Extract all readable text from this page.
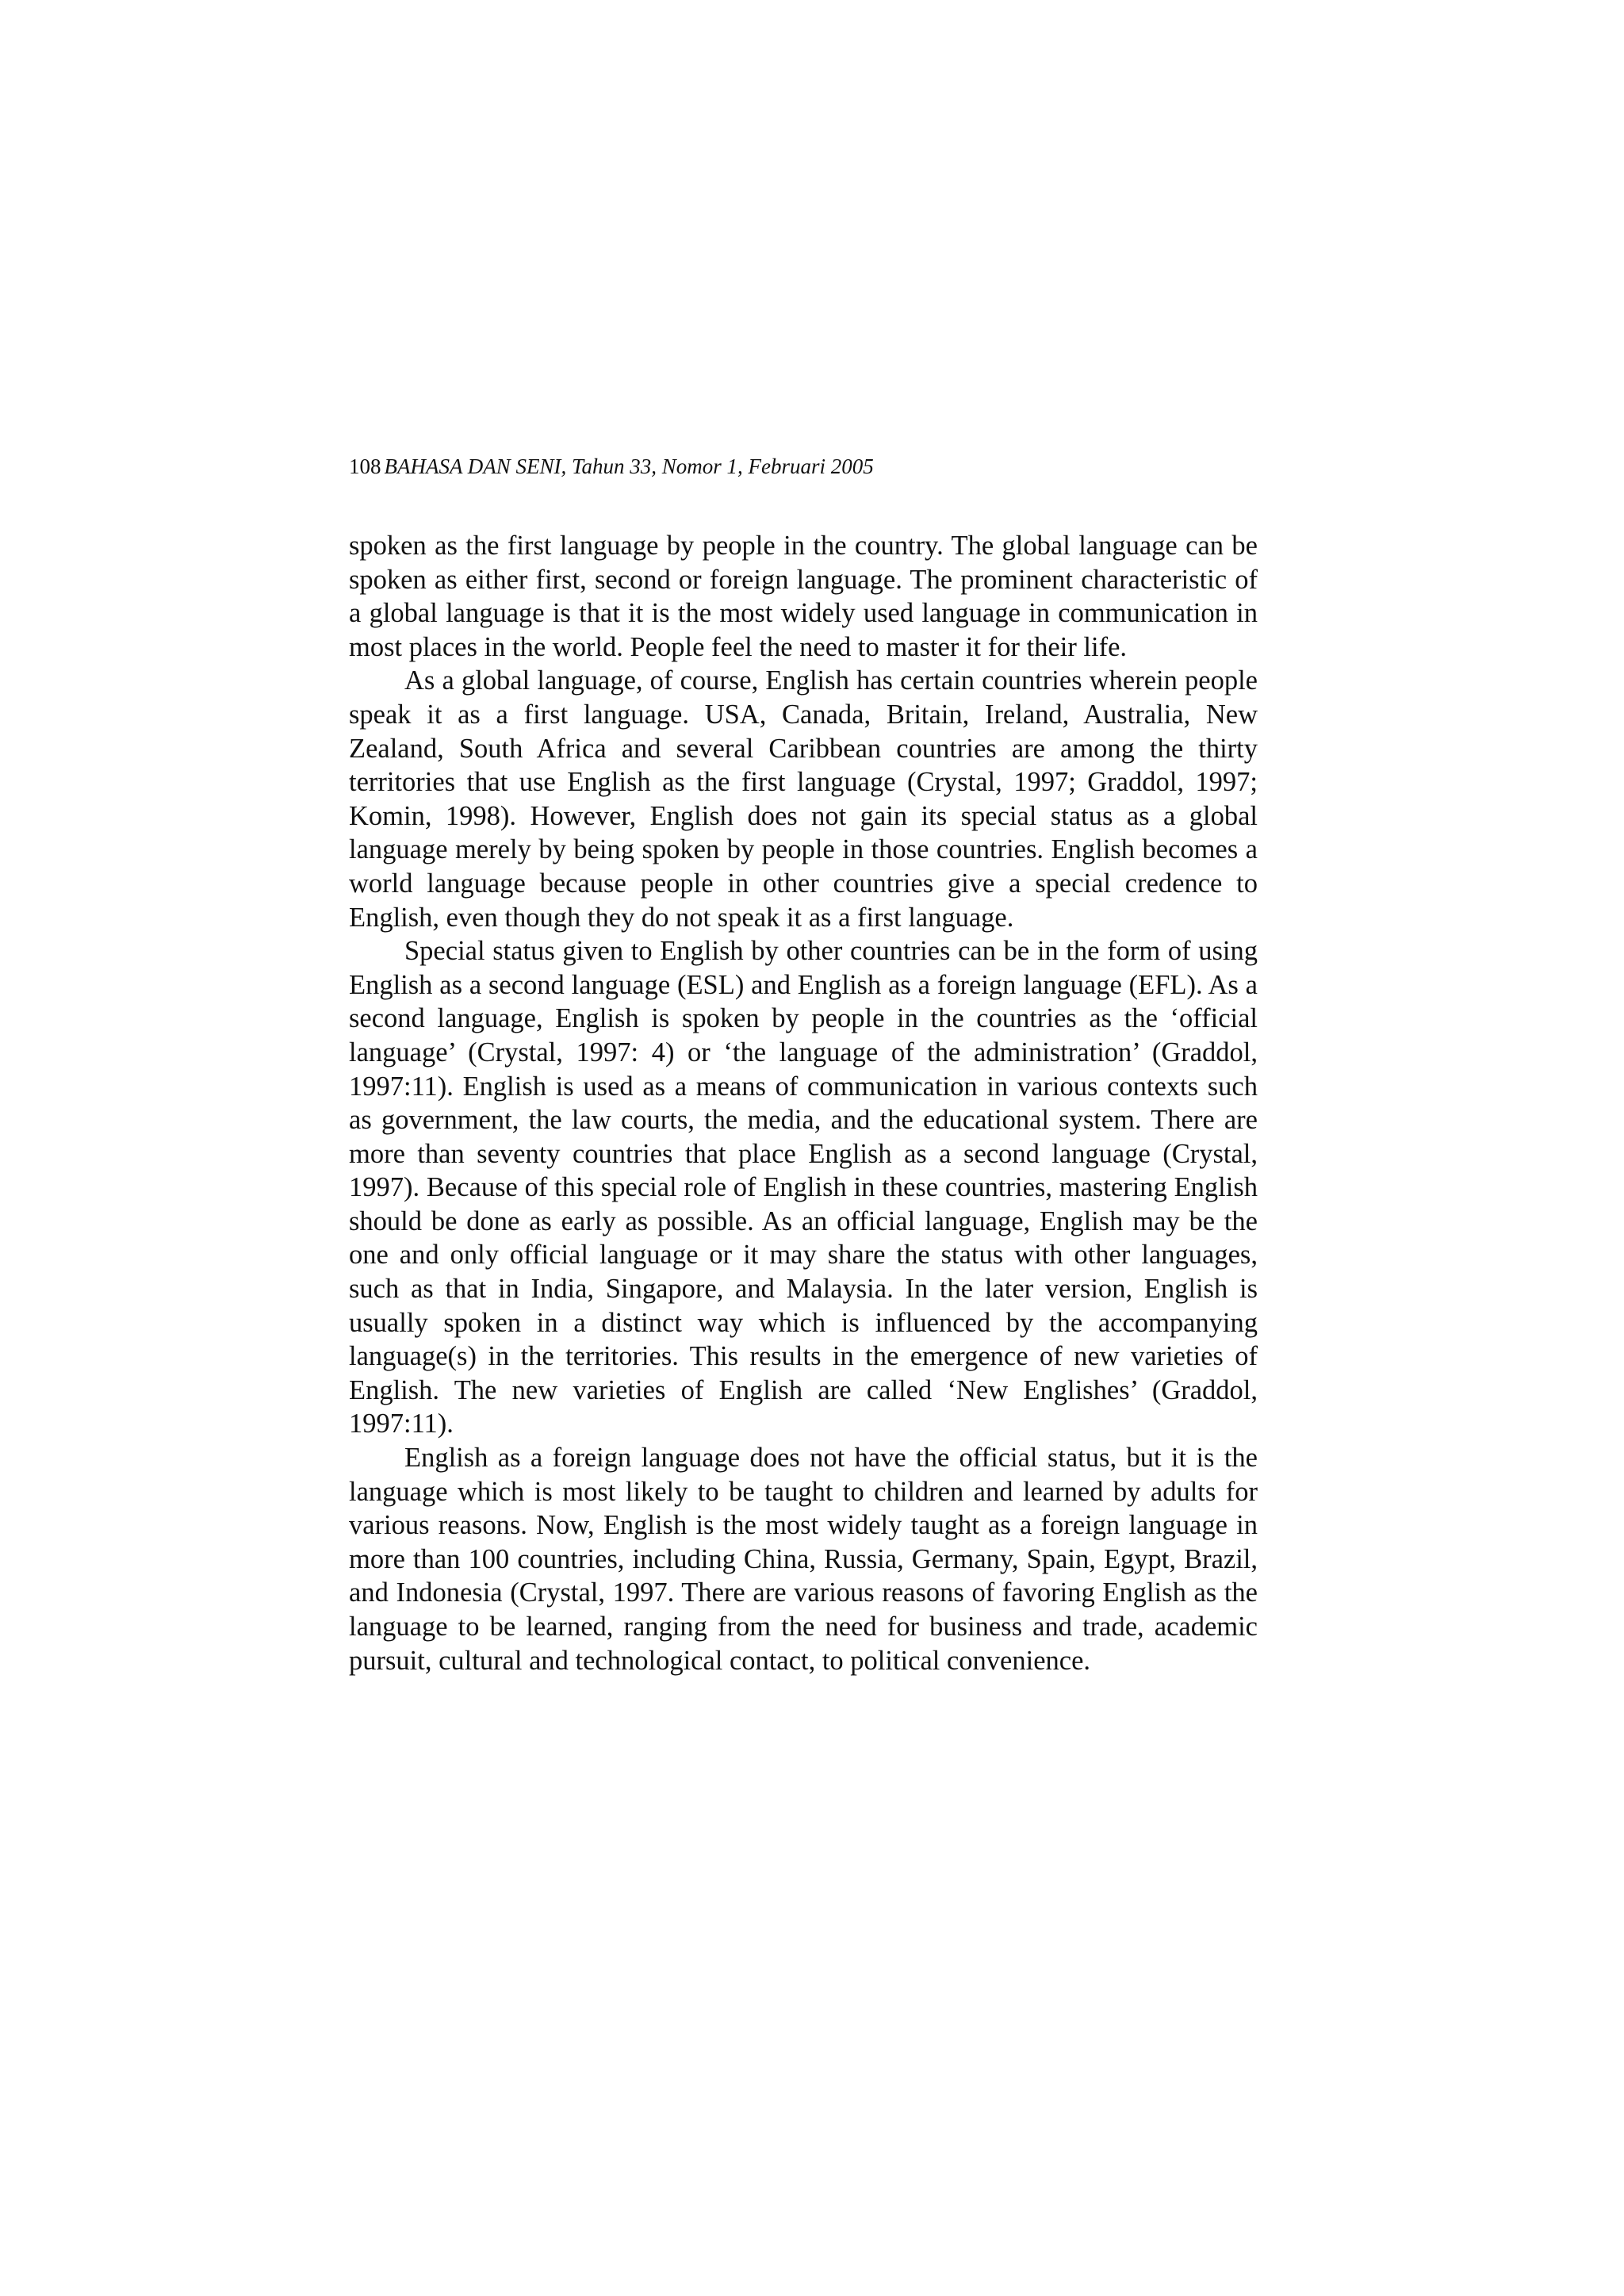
108 BAHASA DAN SENI, Tahun 33, Nomor 1, Februari 2005

spoken as the first language by people in the country. The global language can be spoken as either first, second or foreign language. The prominent characteristic of a global language is that it is the most widely used language in communication in most places in the world. People feel the need to master it for their life.

As a global language, of course, English has certain countries wherein people speak it as a first language. USA, Canada, Britain, Ireland, Australia, New Zealand, South Africa and several Caribbean countries are among the thirty territories that use English as the first language (Crystal, 1997; Graddol, 1997; Komin, 1998). However, English does not gain its special status as a global language merely by being spoken by people in those countries. English becomes a world language because people in other countries give a special credence to English, even though they do not speak it as a first language.

Special status given to English by other countries can be in the form of using English as a second language (ESL) and English as a foreign language (EFL). As a second language, English is spoken by people in the countries as the ‘official language’ (Crystal, 1997: 4) or ‘the language of the administration’ (Graddol, 1997:11). English is used as a means of communication in various contexts such as government, the law courts, the media, and the educational system. There are more than seventy countries that place English as a second language (Crystal, 1997). Because of this special role of English in these countries, mastering English should be done as early as possible. As an official language, English may be the one and only official language or it may share the status with other languages, such as that in India, Singapore, and Malaysia. In the later version, English is usually spoken in a distinct way which is influenced by the accompanying language(s) in the territories. This results in the emergence of new varieties of English. The new varieties of English are called ‘New Englishes’ (Graddol, 1997:11).

English as a foreign language does not have the official status, but it is the language which is most likely to be taught to children and learned by adults for various reasons. Now, English is the most widely taught as a foreign language in more than 100 countries, including China, Russia, Germany, Spain, Egypt, Brazil, and Indonesia (Crystal, 1997. There are various reasons of favoring English as the language to be learned, ranging from the need for business and trade, academic pursuit, cultural and technological contact, to political convenience.
